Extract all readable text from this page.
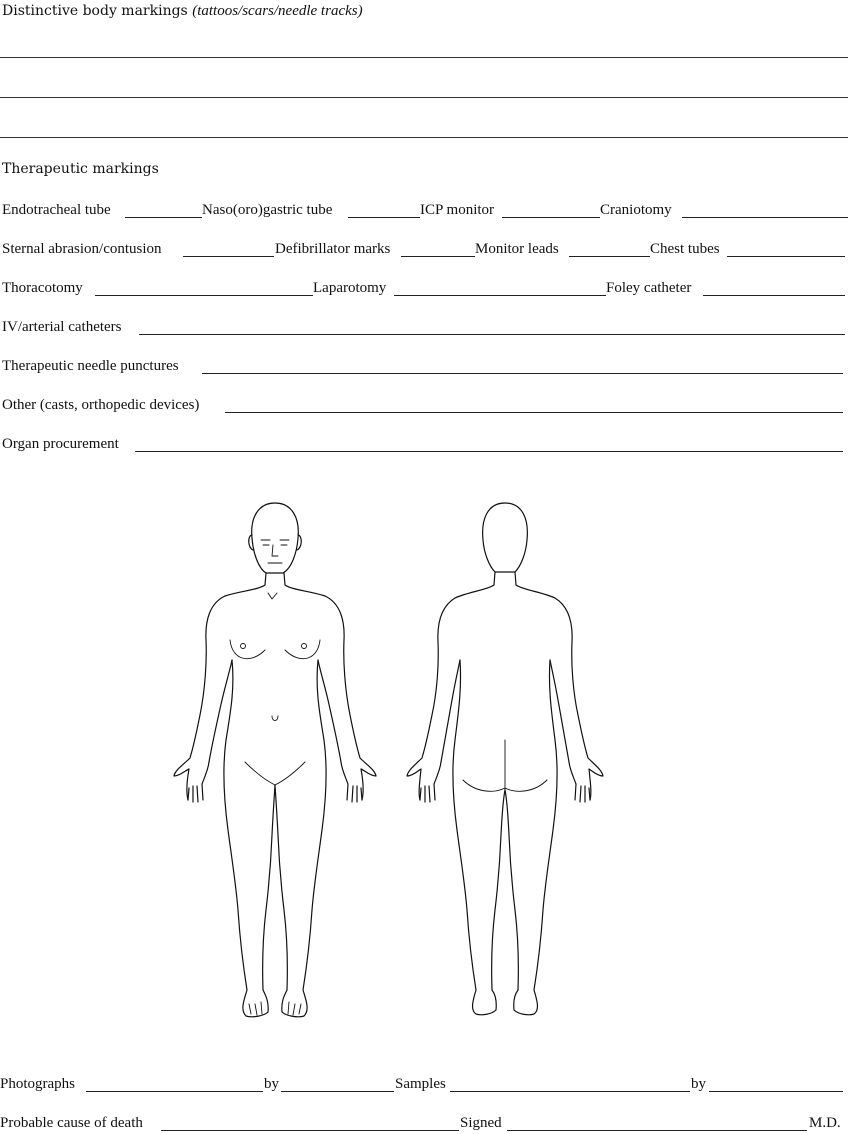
Distinctive body markings (tattoos/scars/needle tracks)
Therapeutic markings
Endotracheal tube	Naso(oro)gastric tube	ICP monitor	Craniotomy
Sternal abrasion/contusion	Defibrillator marks	Monitor leads	Chest tubes
Thoracotomy	Laparotomy	Foley catheter
IV/arterial catheters
Therapeutic needle punctures
Other (casts, orthopedic devices)
Organ procurement
Photographs	by	Samples	by
Probable cause of death	Signed	M.D.
